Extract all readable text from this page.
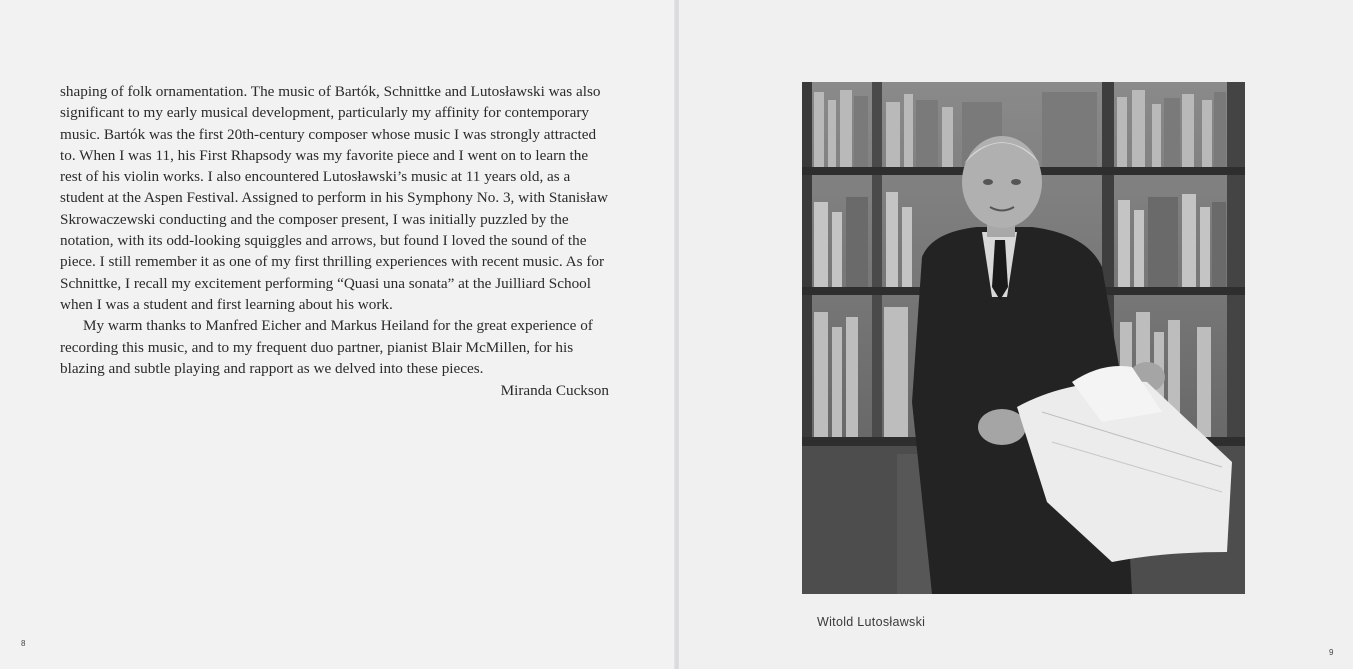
shaping of folk ornamentation. The music of Bartók, Schnittke and Lutosławski was also significant to my early musical development, particularly my affinity for contemporary music. Bartók was the first 20th-century composer whose music I was strongly attracted to. When I was 11, his First Rhapsody was my favorite piece and I went on to learn the rest of his violin works. I also encountered Lutosławski’s music at 11 years old, as a student at the Aspen Festival. Assigned to perform in his Symphony No. 3, with Stanisław Skrowaczewski conducting and the composer present, I was initially puzzled by the notation, with its odd-looking squiggles and arrows, but found I loved the sound of the piece. I still remember it as one of my first thrilling experiences with recent music. As for Schnittke, I recall my excitement performing “Quasi una sonata” at the Juilliard School when I was a student and first learning about his work.

My warm thanks to Manfred Eicher and Markus Heiland for the great experience of recording this music, and to my frequent duo partner, pianist Blair McMillen, for his blazing and subtle playing and rapport as we delved into these pieces.

Miranda Cuckson
8
9
Witold Lutosławski
